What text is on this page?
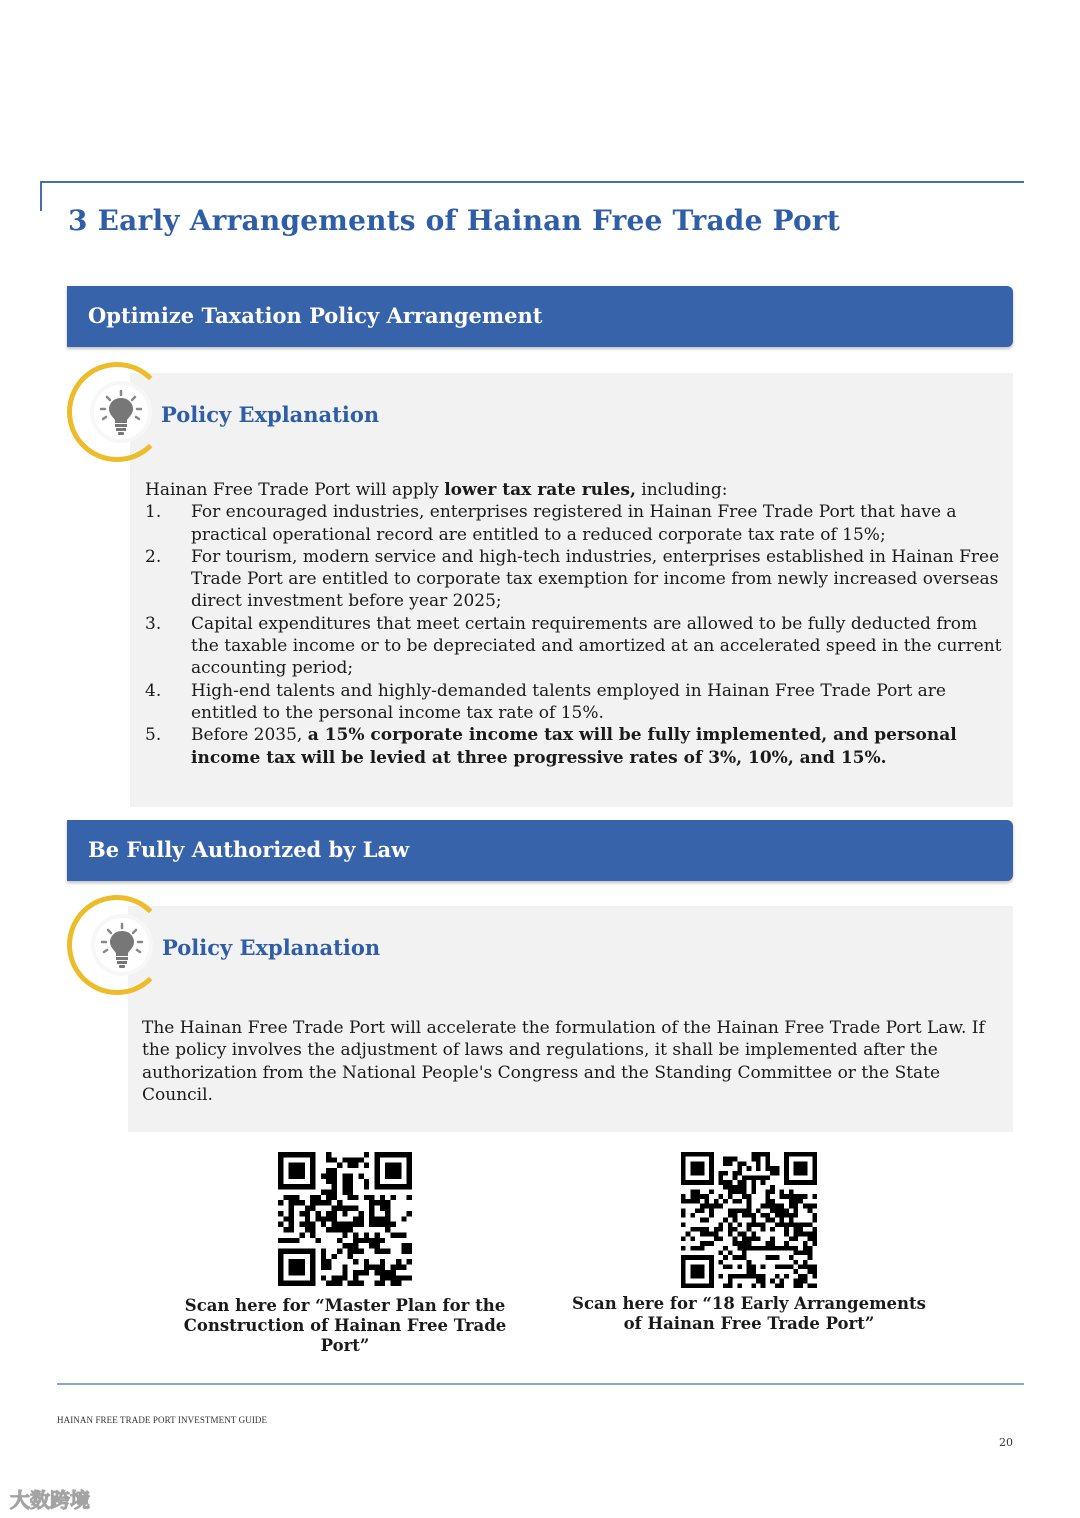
3 Early Arrangements of Hainan Free Trade Port
Optimize Taxation Policy Arrangement
Policy Explanation

Hainan Free Trade Port will apply lower tax rate rules, including:

1.	For encouraged industries, enterprises registered in Hainan Free Trade Port that have a practical operational record are entitled to a reduced corporate tax rate of 15%;
2.	For tourism, modern service and high-tech industries, enterprises established in Hainan Free Trade Port are entitled to corporate tax exemption for income from newly increased overseas direct investment before year 2025;
3.	Capital expenditures that meet certain requirements are allowed to be fully deducted from the taxable income or to be depreciated and amortized at an accelerated speed in the current accounting period;
4.	High-end talents and highly-demanded talents employed in Hainan Free Trade Port are entitled to the personal income tax rate of 15%.
5.	Before 2035, a 15% corporate income tax will be fully implemented, and personal income tax will be levied at three progressive rates of 3%, 10%, and 15%.
Be Fully Authorized by Law
Policy Explanation
The Hainan Free Trade Port will accelerate the formulation of the Hainan Free Trade Port Law. If the policy involves the adjustment of laws and regulations, it shall be implemented after the authorization from the National People's Congress and the Standing Committee or the State Council.
Scan here for “Master Plan for the
Construction of Hainan Free Trade Port”
Scan here for “18 Early Arrangements
of Hainan Free Trade Port”
HAINAN FREE TRADE PORT INVESTMENT GUIDE
20
大数跨境
